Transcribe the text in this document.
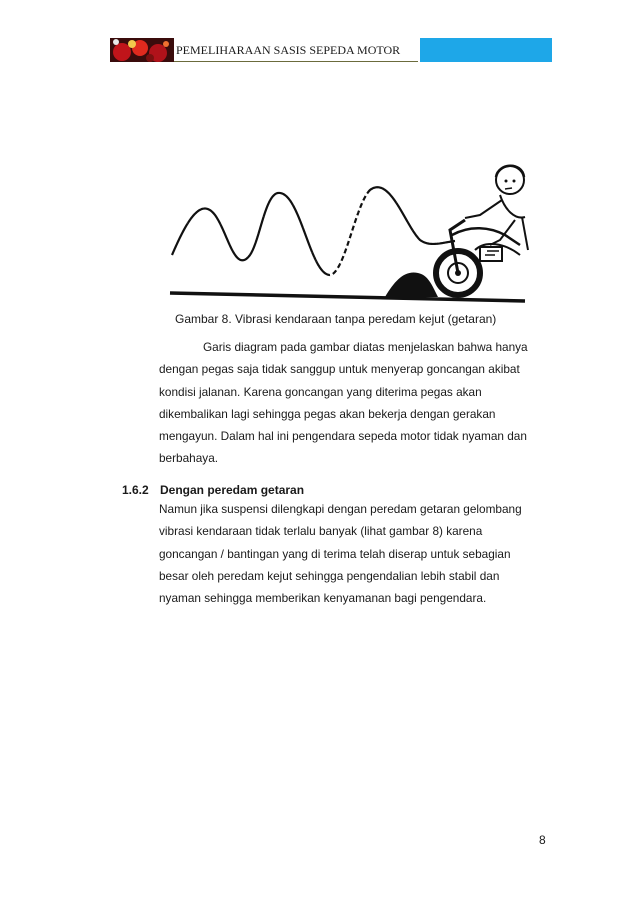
PEMELIHARAAN SASIS SEPEDA MOTOR
Gambar 8. Vibrasi kendaraan tanpa peredam kejut (getaran)
Garis diagram pada gambar diatas menjelaskan bahwa hanya
dengan pegas saja tidak sanggup untuk menyerap goncangan akibat
kondisi jalanan. Karena goncangan yang diterima pegas akan
dikembalikan lagi sehingga pegas akan bekerja dengan gerakan
mengayun. Dalam hal ini pengendara sepeda motor tidak nyaman dan
berbahaya.
1.6.2 Dengan peredam getaran
Namun jika suspensi dilengkapi dengan peredam getaran gelombang
vibrasi kendaraan tidak terlalu banyak (lihat gambar 8) karena
goncangan / bantingan yang di terima telah diserap untuk sebagian
besar oleh peredam kejut sehingga pengendalian lebih stabil dan
nyaman sehingga memberikan kenyamanan bagi pengendara.
8
